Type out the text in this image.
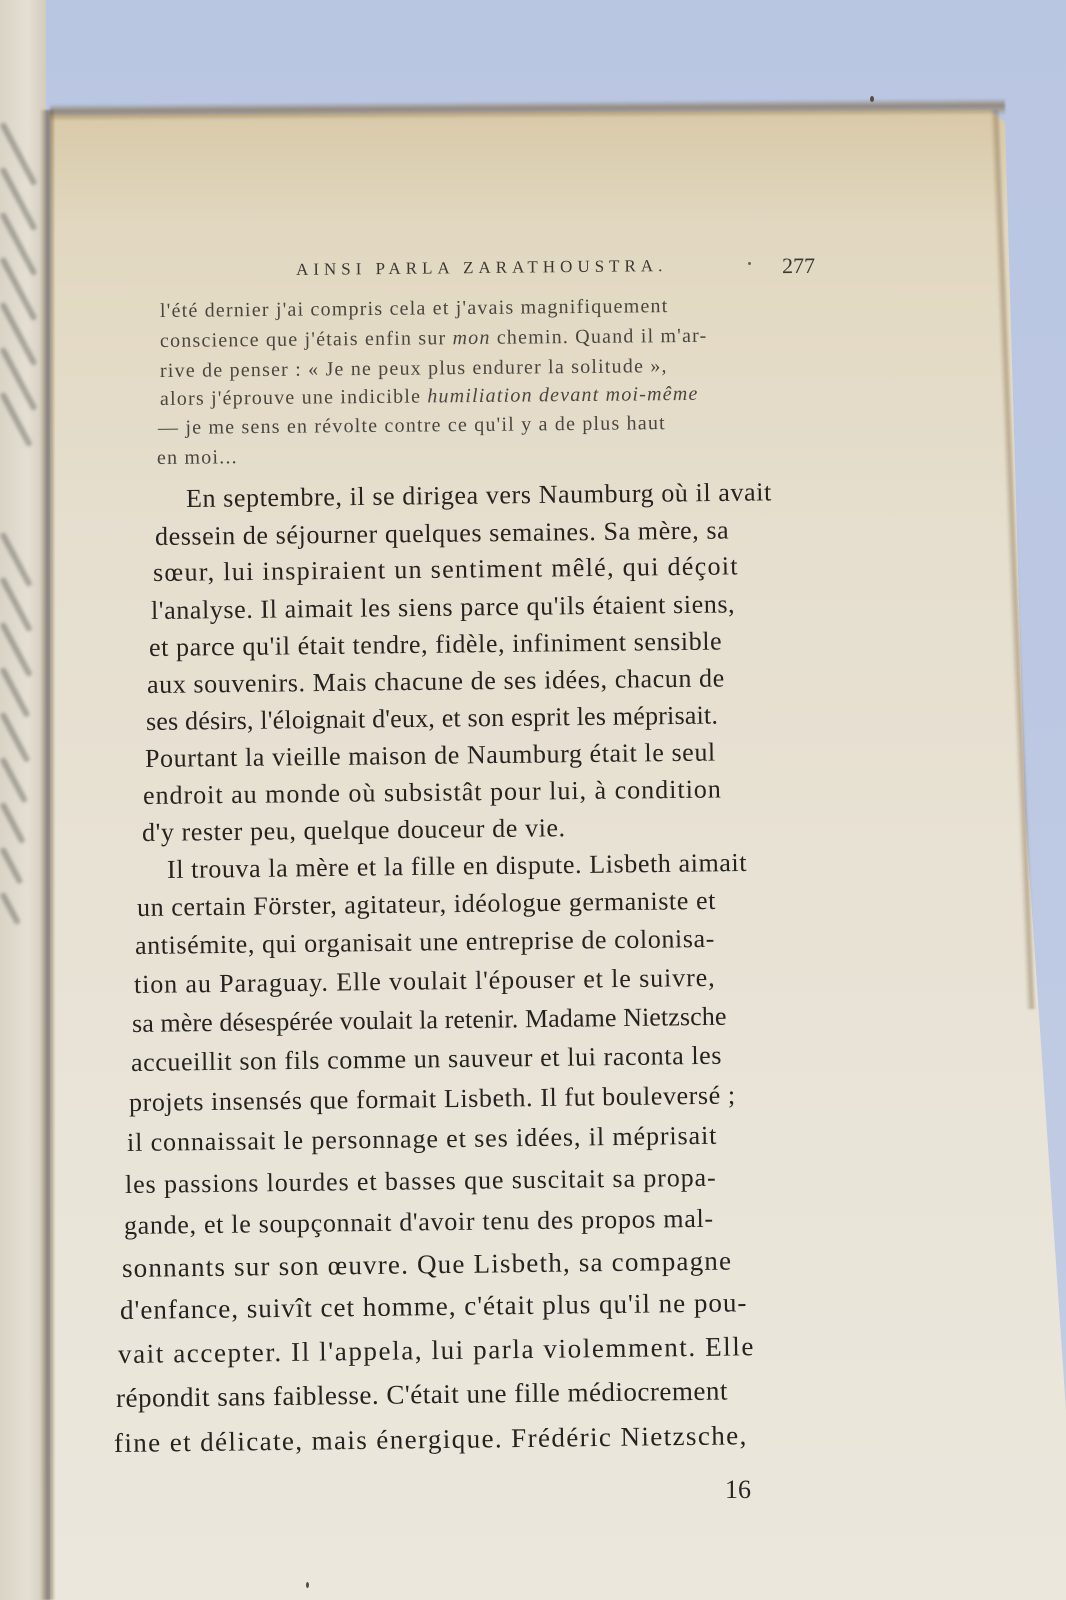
AINSI PARLA ZARATHOUSTRA.	277
l'été dernier j'ai compris cela et j'avais magnifiquement
conscience que j'étais enfin sur mon chemin. Quand il m'ar-
rive de penser : « Je ne peux plus endurer la solitude »,
alors j'éprouve une indicible humiliation devant moi-même
— je me sens en révolte contre ce qu'il y a de plus haut
en moi...
En septembre, il se dirigea vers Naumburg où il avait
dessein de séjourner quelques semaines. Sa mère, sa
sœur, lui inspiraient un sentiment mêlé, qui déçoit
l'analyse. Il aimait les siens parce qu'ils étaient siens,
et parce qu'il était tendre, fidèle, infiniment sensible
aux souvenirs. Mais chacune de ses idées, chacun de
ses désirs, l'éloignait d'eux, et son esprit les méprisait.
Pourtant la vieille maison de Naumburg était le seul
endroit au monde où subsistât pour lui, à condition
d'y rester peu, quelque douceur de vie.
Il trouva la mère et la fille en dispute. Lisbeth aimait
un certain Förster, agitateur, idéologue germaniste et
antisémite, qui organisait une entreprise de colonisa-
tion au Paraguay. Elle voulait l'épouser et le suivre,
sa mère désespérée voulait la retenir. Madame Nietzsche
accueillit son fils comme un sauveur et lui raconta les
projets insensés que formait Lisbeth. Il fut bouleversé ;
il connaissait le personnage et ses idées, il méprisait
les passions lourdes et basses que suscitait sa propa-
gande, et le soupçonnait d'avoir tenu des propos mal-
sonnants sur son œuvre. Que Lisbeth, sa compagne
d'enfance, suivît cet homme, c'était plus qu'il ne pou-
vait accepter. Il l'appela, lui parla violemment. Elle
répondit sans faiblesse. C'était une fille médiocrement
fine et délicate, mais énergique. Frédéric Nietzsche,
16
